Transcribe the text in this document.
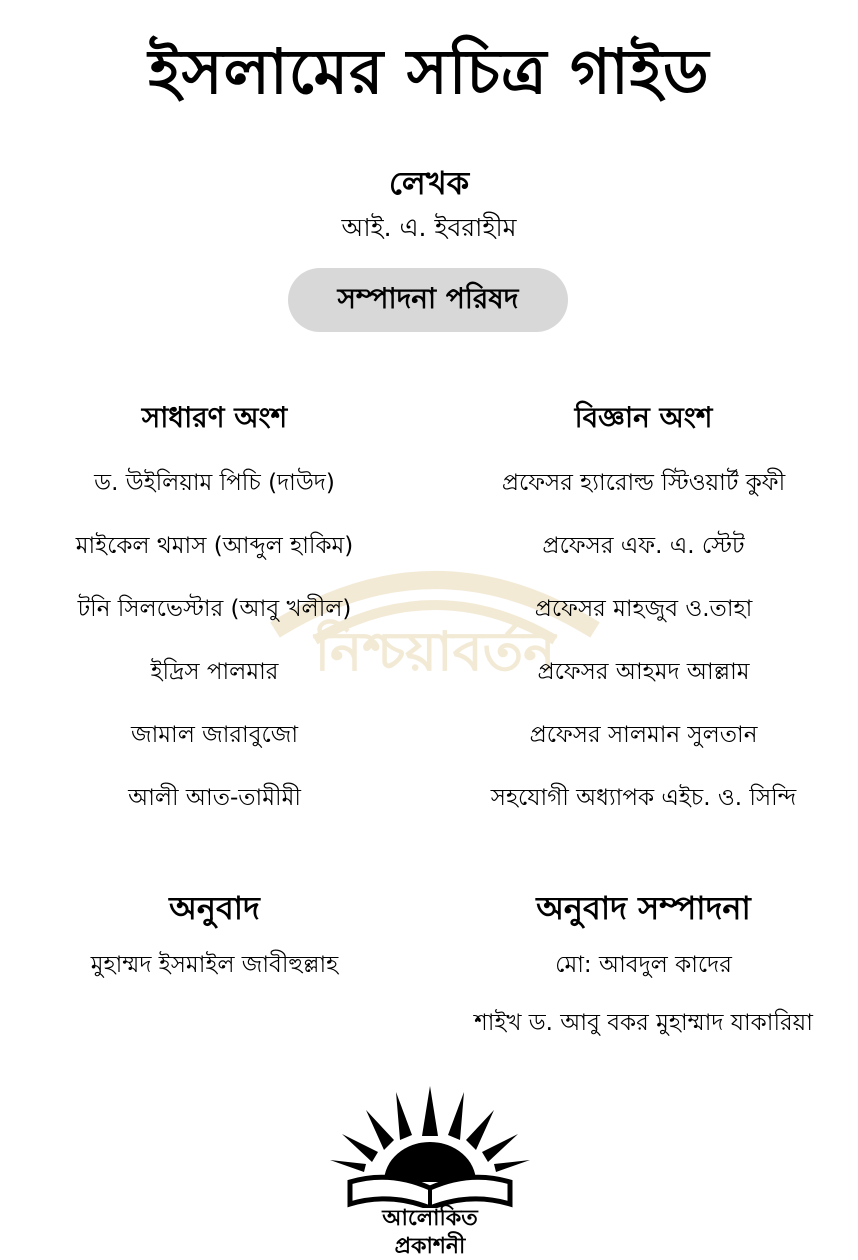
ইসলামের সচিত্র গাইড
লেখক
আই. এ. ইবরাহীম
সম্পাদনা পরিষদ
নিশ্চয়াবর্তন
সাধারণ অংশ
ড. উইলিয়াম পিচি (দাউদ)
মাইকেল থমাস (আব্দুল হাকিম)
টনি সিলভেস্টার (আবু খলীল)
ইদ্রিস পালমার
জামাল জারাবুজো
আলী আত-তামীমী
বিজ্ঞান অংশ
প্রফেসর হ্যারোল্ড স্টিওয়ার্ট কুফী
প্রফেসর এফ. এ. স্টেট
প্রফেসর মাহজুব ও.তাহা
প্রফেসর আহমদ আল্লাম
প্রফেসর সালমান সুলতান
সহযোগী অধ্যাপক এইচ. ও. সিন্দি
অনুবাদ
মুহাম্মদ ইসমাইল জাবীহুল্লাহ
অনুবাদ সম্পাদনা
মো: আবদুল কাদের
শাইখ ড. আবু বকর মুহাম্মাদ যাকারিয়া
আলোকিত
প্রকাশনী
